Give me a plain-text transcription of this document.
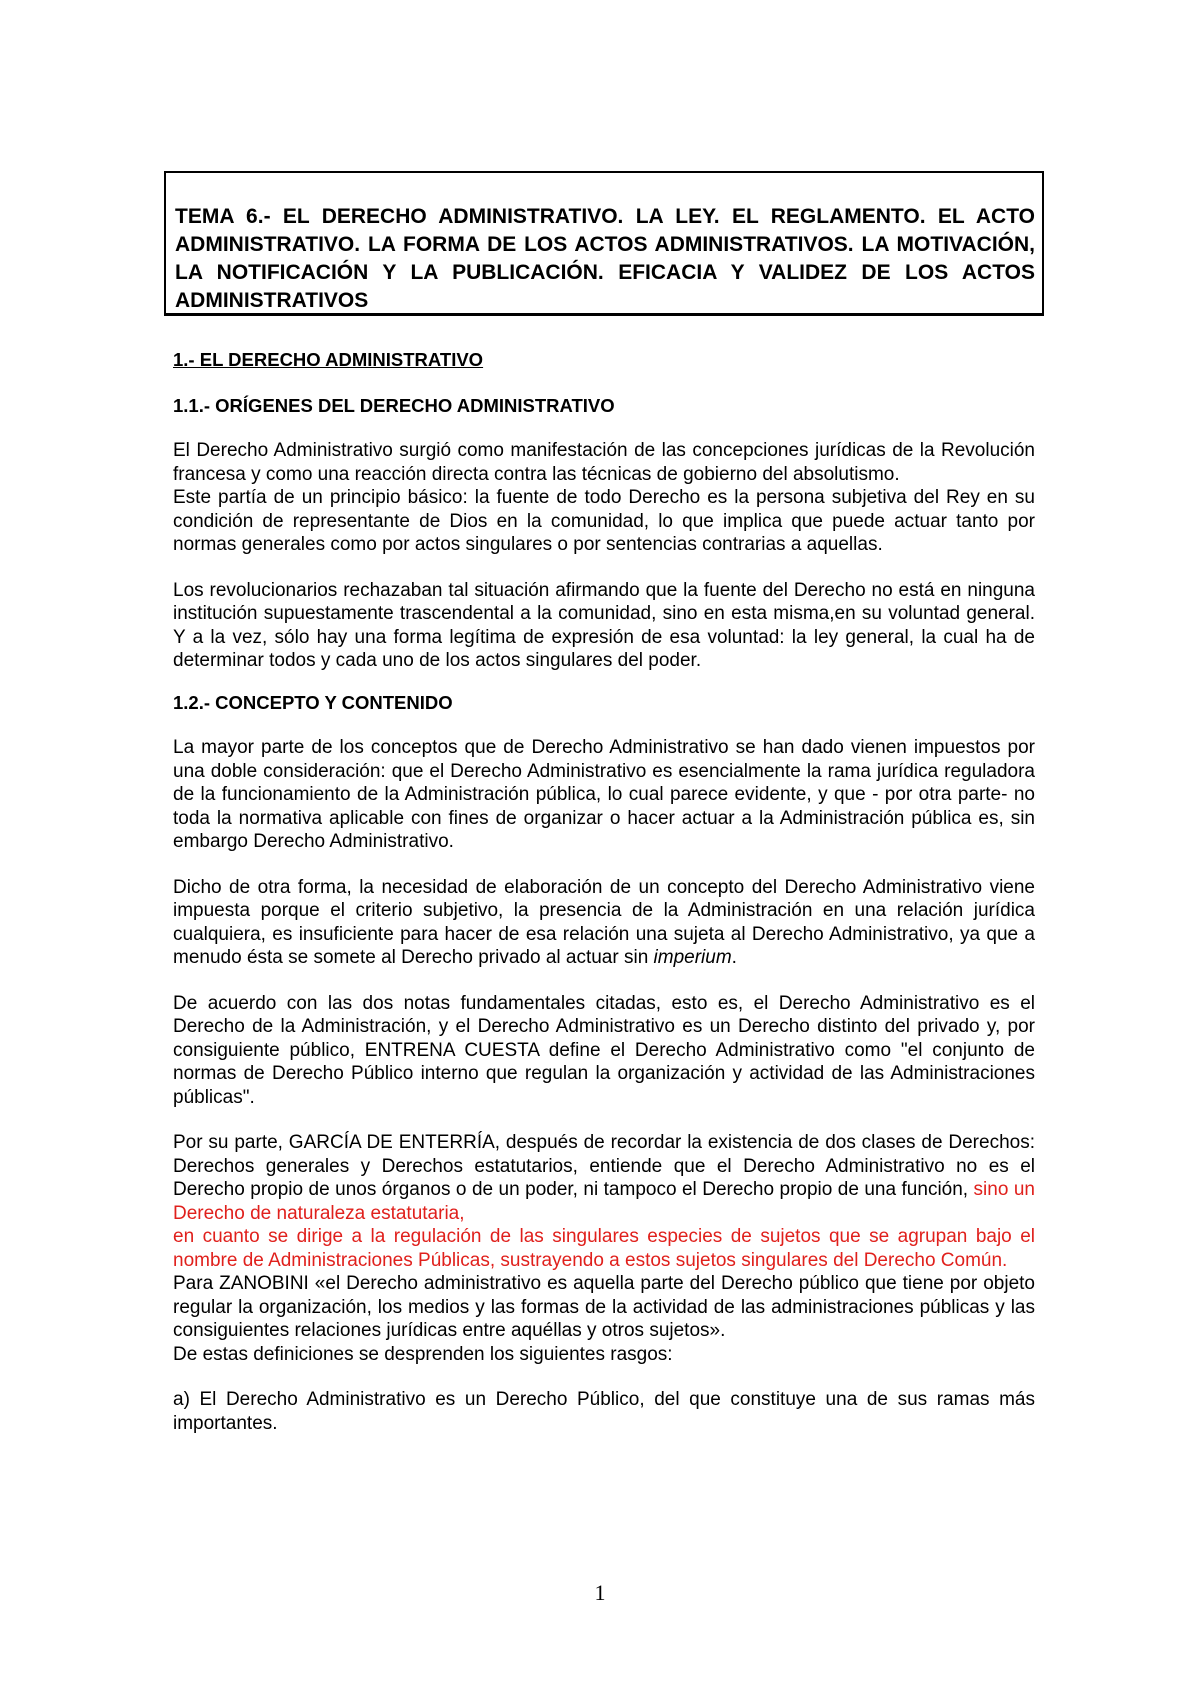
TEMA 6.- EL DERECHO ADMINISTRATIVO. LA LEY. EL REGLAMENTO. EL ACTO ADMINISTRATIVO. LA FORMA DE LOS ACTOS ADMINISTRATIVOS. LA MOTIVACIÓN, LA NOTIFICACIÓN Y LA PUBLICACIÓN. EFICACIA Y VALIDEZ DE LOS ACTOS ADMINISTRATIVOS

1.- EL DERECHO ADMINISTRATIVO

1.1.- ORÍGENES DEL DERECHO ADMINISTRATIVO

El Derecho Administrativo surgió como manifestación de las concepciones jurídicas de la Revolución francesa y como una reacción directa contra las técnicas de gobierno del absolutismo.

Este partía de un principio básico: la fuente de todo Derecho es la persona subjetiva del Rey en su condición de representante de Dios en la comunidad, lo que implica que puede actuar tanto por normas generales como por actos singulares o por sentencias contrarias a aquellas.

Los revolucionarios rechazaban tal situación afirmando que la fuente del Derecho no está en ninguna institución supuestamente trascendental a la comunidad, sino en esta misma,en su voluntad general. Y a la vez, sólo hay una forma legítima de expresión de esa voluntad: la ley general, la cual ha de determinar todos y cada uno de los actos singulares del poder.

1.2.- CONCEPTO Y CONTENIDO

La mayor parte de los conceptos que de Derecho Administrativo se han dado vienen impuestos por una doble consideración: que el Derecho Administrativo es esencialmente la rama jurídica reguladora de la funcionamiento de la Administración pública, lo cual parece evidente, y que - por otra parte- no toda la normativa aplicable con fines de organizar o hacer actuar a la Administración pública es, sin embargo Derecho Administrativo.

Dicho de otra forma, la necesidad de elaboración de un concepto del Derecho Administrativo viene impuesta porque el criterio subjetivo, la presencia de la Administración en una relación jurídica cualquiera, es insuficiente para hacer de esa relación una sujeta al Derecho Administrativo, ya que a menudo ésta se somete al Derecho privado al actuar sin imperium.

De acuerdo con las dos notas fundamentales citadas, esto es, el Derecho Administrativo es el Derecho de la Administración, y el Derecho Administrativo es un Derecho distinto del privado y, por consiguiente público, ENTRENA CUESTA define el Derecho Administrativo como "el conjunto de normas de Derecho Público interno que regulan la organización y actividad de las Administraciones públicas".

Por su parte, GARCÍA DE ENTERRÍA, después de recordar la existencia de dos clases de Derechos: Derechos generales y Derechos estatutarios, entiende que el Derecho Administrativo no es el Derecho propio de unos órganos o de un poder, ni tampoco el Derecho propio de una función, sino un Derecho de naturaleza estatutaria,

en cuanto se dirige a la regulación de las singulares especies de sujetos que se agrupan bajo el nombre de Administraciones Públicas, sustrayendo a estos sujetos singulares del Derecho Común.

Para ZANOBINI «el Derecho administrativo es aquella parte del Derecho público que tiene por objeto regular la organización, los medios y las formas de la actividad de las administraciones públicas y las consiguientes relaciones jurídicas entre aquéllas y otros sujetos».

De estas definiciones se desprenden los siguientes rasgos:

a) El Derecho Administrativo es un Derecho Público, del que constituye una de sus ramas más importantes.

1
